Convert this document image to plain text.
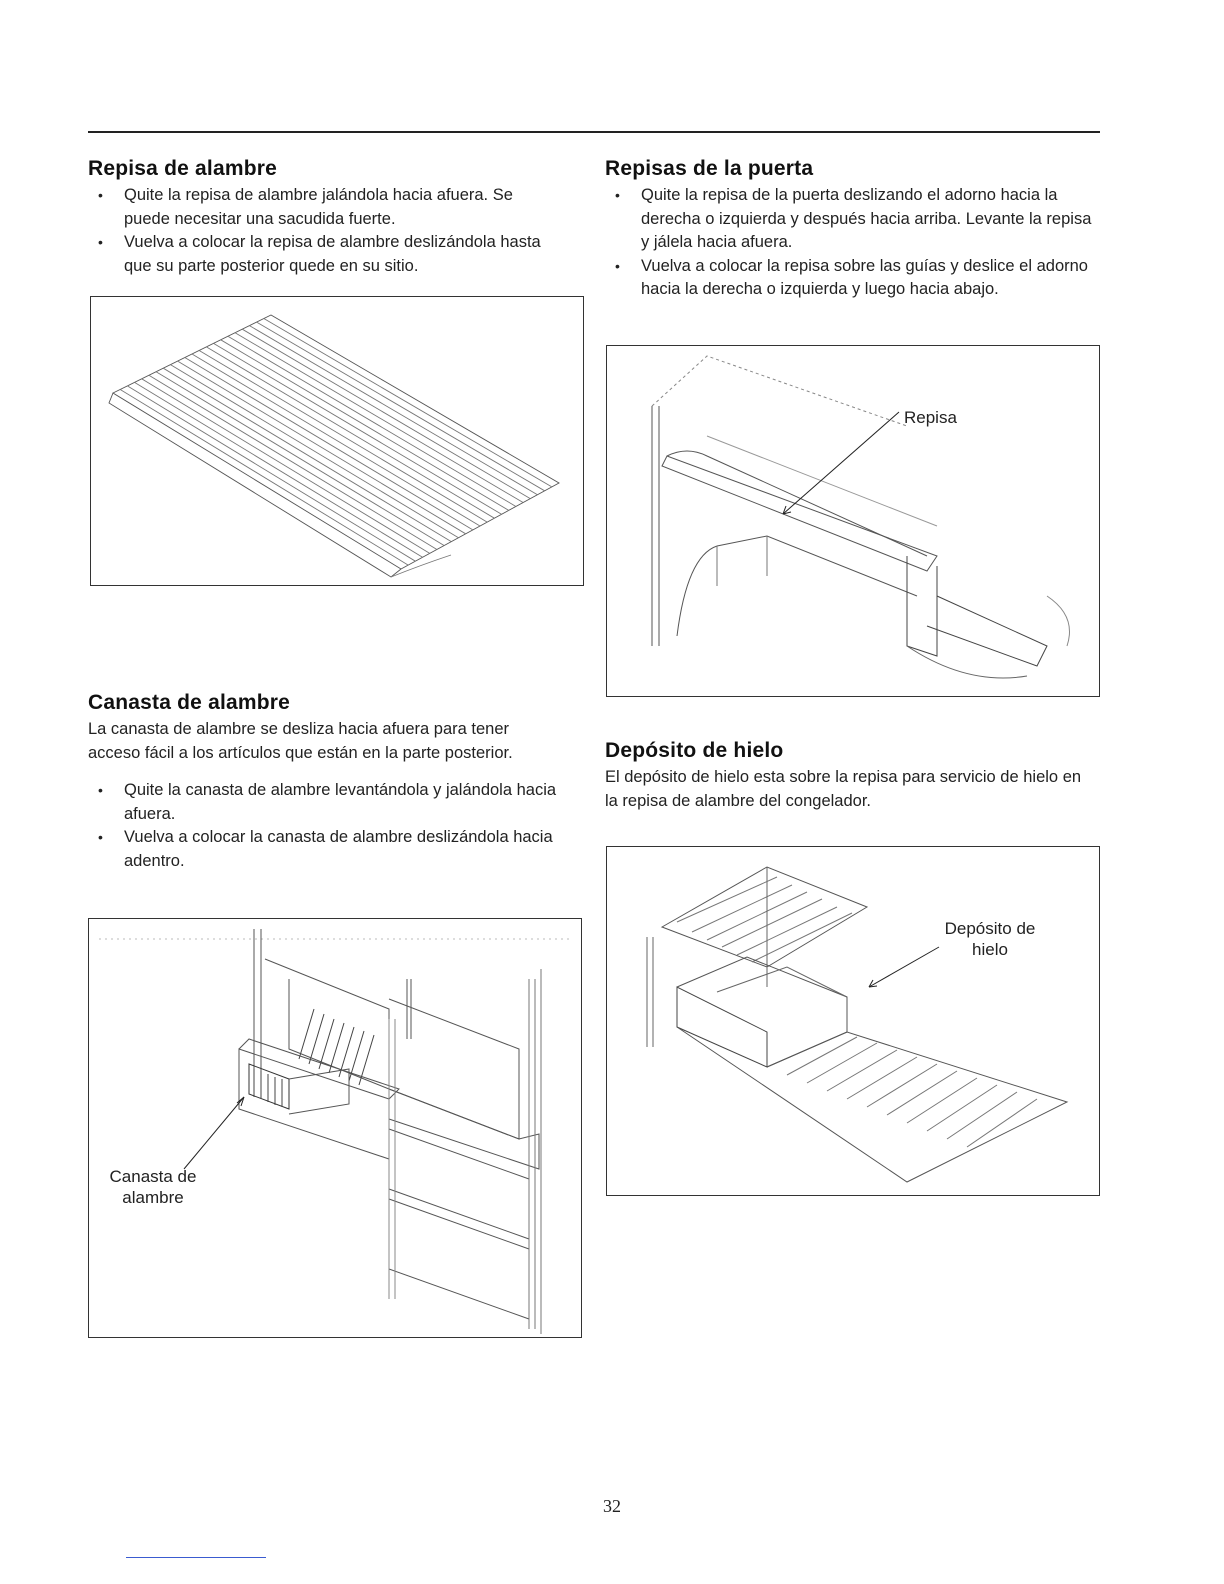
Repisa de alambre
• Quite la repisa de alambre jalándola hacia afuera. Se puede necesitar una sacudida fuerte.
• Vuelva a colocar la repisa de alambre deslizándola hasta que su parte posterior quede en su sitio.
Canasta de alambre

La canasta de alambre se desliza hacia afuera para tener acceso fácil a los artículos que están en la parte posterior.

• Quite la canasta de alambre levantándola y jalándola hacia afuera.
• Vuelva a colocar la canasta de alambre deslizándola hacia adentro.
Canasta de alambre
Repisas de la puerta
• Quite la repisa de la puerta deslizando el adorno hacia la derecha o izquierda y después hacia arriba. Levante la repisa y jálela hacia afuera.
• Vuelva a colocar la repisa sobre las guías y deslice el adorno hacia la derecha o izquierda y luego hacia abajo.
Repisa
Depósito de hielo

El depósito de hielo esta sobre la repisa para servicio de hielo en la repisa de alambre del congelador.

Depósito de hielo
32
